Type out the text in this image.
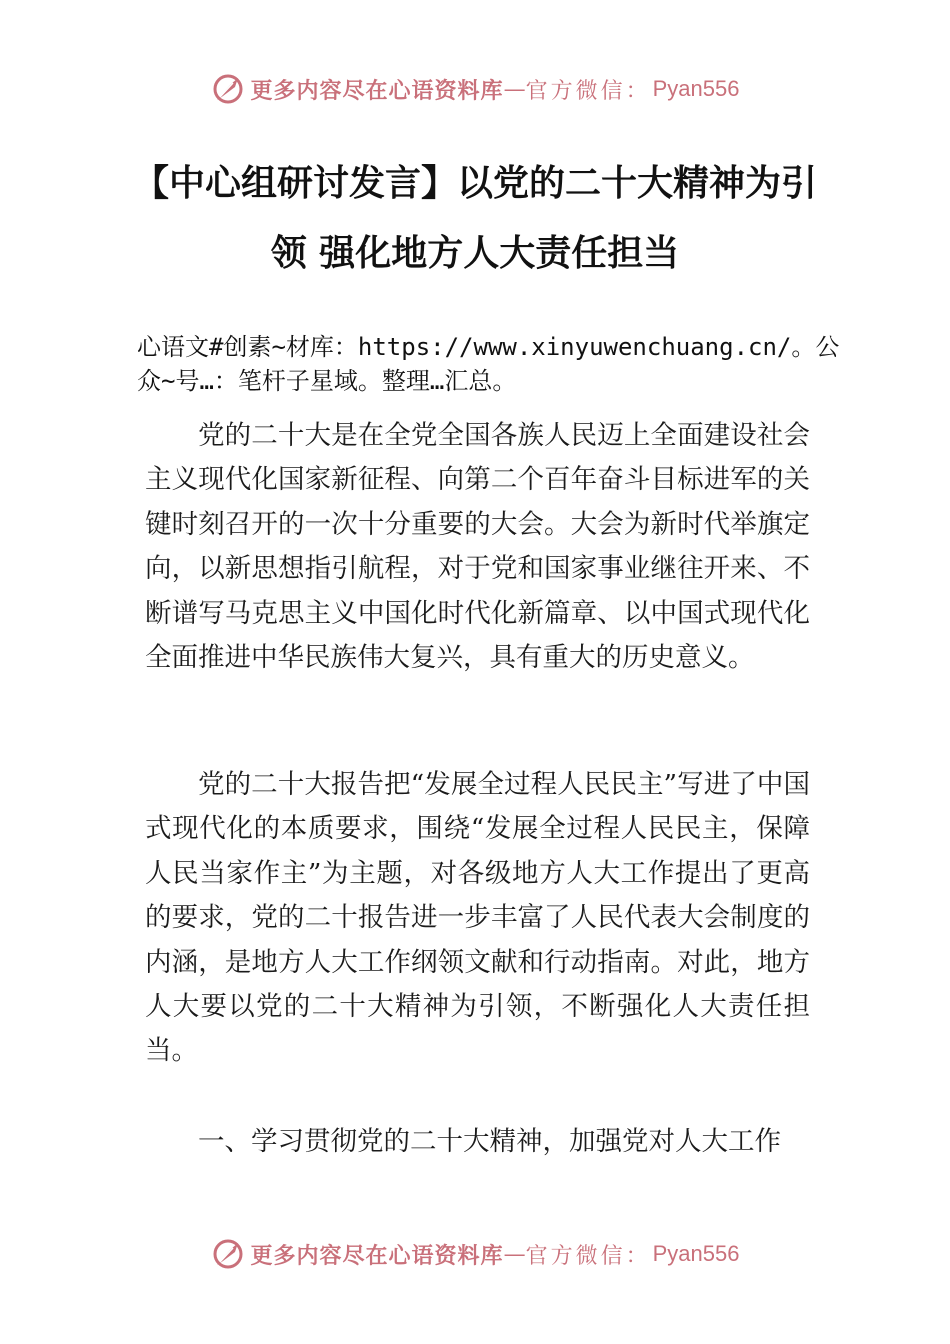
更多内容尽在心语资料库 — 官方微信： Pyan556
【中心组研讨发言】以党的二十大精神为引
领 强化地方人大责任担当
心语文#创素~材库：https://www.xinyuwenchuang.cn/。公
众~号…：笔杆子星域。整理…汇总。

党的二十大是在全党全国各族人民迈上全面建设社会主义现代化国家新征程、向第二个百年奋斗目标进军的关键时刻召开的一次十分重要的大会。大会为新时代举旗定向，以新思想指引航程，对于党和国家事业继往开来、不断谱写马克思主义中国化时代化新篇章、以中国式现代化全面推进中华民族伟大复兴，具有重大的历史意义。

党的二十大报告把“发展全过程人民民主”写进了中国式现代化的本质要求，围绕“发展全过程人民民主，保障人民当家作主”为主题，对各级地方人大工作提出了更高的要求，党的二十报告进一步丰富了人民代表大会制度的内涵，是地方人大工作纲领文献和行动指南。对此，地方人大要以党的二十大精神为引领，不断强化人大责任担当。

一、学习贯彻党的二十大精神，加强党对人大工作

更多内容尽在心语资料库 — 官方微信： Pyan556
